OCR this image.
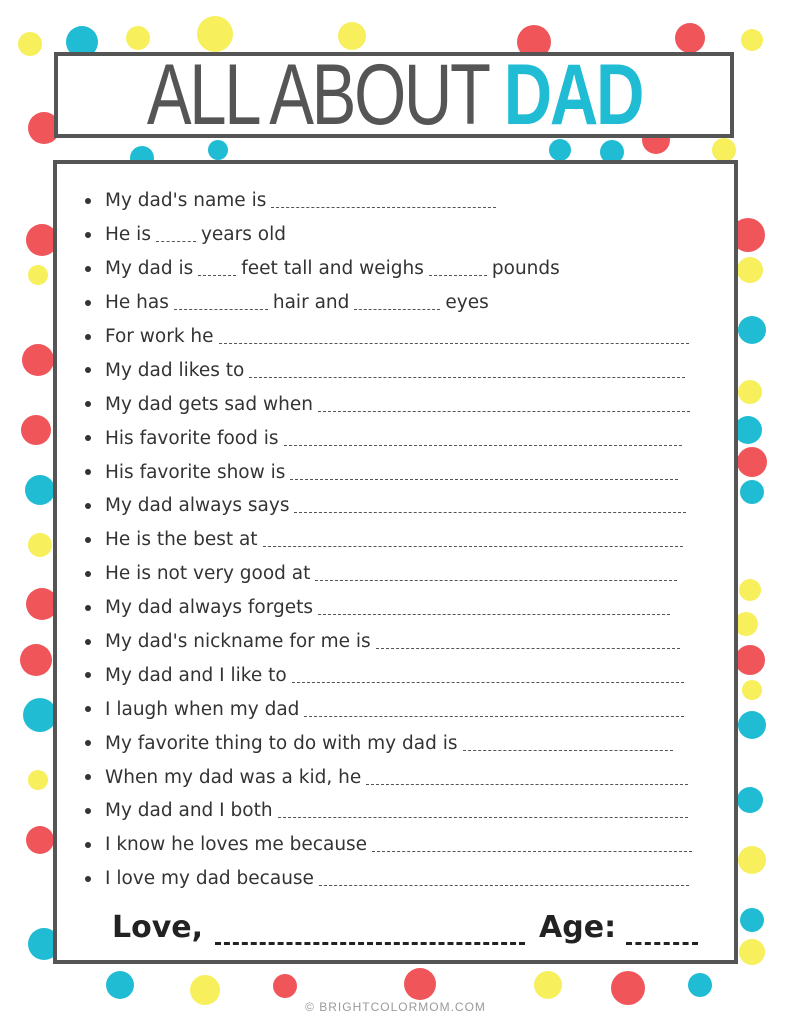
ALL ABOUT DAD
My dad's name is
He is	years old
My dad is	feet tall and weighs	pounds
He has	hair and	eyes
For work he
My dad likes to
My dad gets sad when
His favorite food is
His favorite show is
My dad always says
He is the best at
He is not very good at
My dad always forgets
My dad's nickname for me is
My dad and I like to
I laugh when my dad
My favorite thing to do with my dad is
When my dad was a kid, he
My dad and I both
I know he loves me because
I love my dad because
Love,	Age:
© BRIGHTCOLORMOM.COM
